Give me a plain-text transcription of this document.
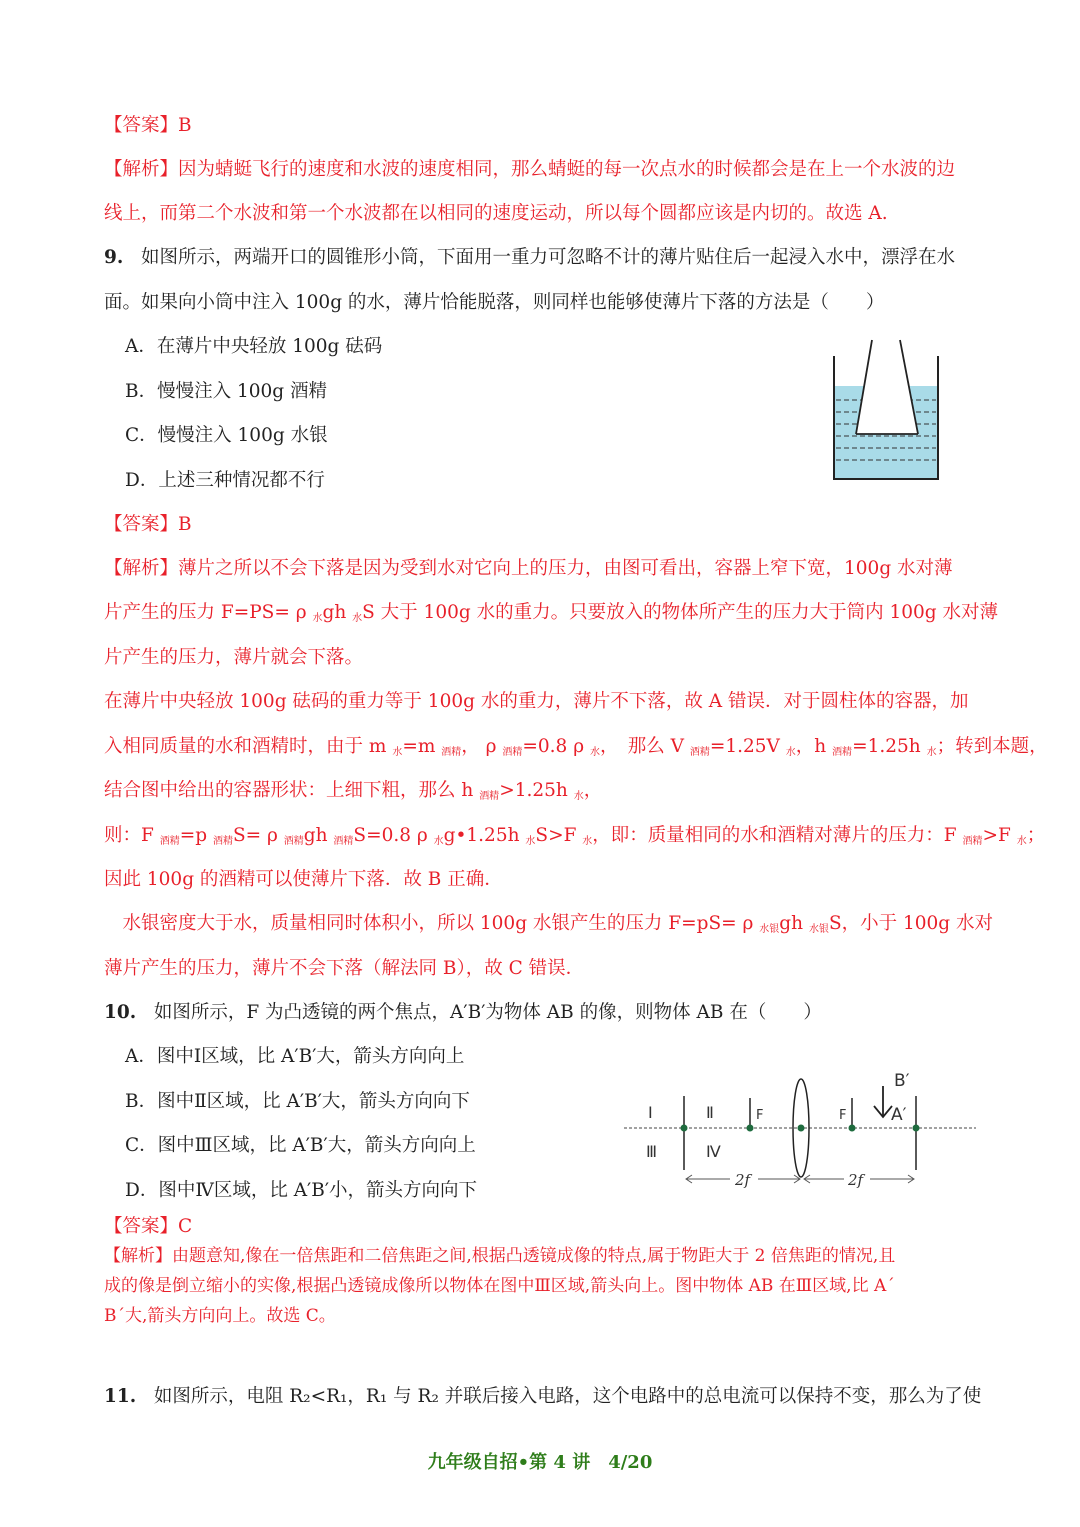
【答案】B
【解析】因为蜻蜓飞行的速度和水波的速度相同，那么蜻蜓的每一次点水的时候都会是在上一个水波的边
线上，而第二个水波和第一个水波都在以相同的速度运动，所以每个圆都应该是内切的。故选 A.
9. 如图所示，两端开口的圆锥形小筒，下面用一重力可忽略不计的薄片贴住后一起浸入水中，漂浮在水
面。如果向小筒中注入 100g 的水，薄片恰能脱落，则同样也能够使薄片下落的方法是（　　）
A．在薄片中央轻放 100g 砝码
B．慢慢注入 100g 酒精
C．慢慢注入 100g 水银
D．上述三种情况都不行
【答案】B
【解析】薄片之所以不会下落是因为受到水对它向上的压力，由图可看出，容器上窄下宽，100g 水对薄
片产生的压力 F=PS= ρ $_水$gh $_水$S 大于 100g 水的重力。只要放入的物体所产生的压力大于筒内 100g 水对薄
片产生的压力，薄片就会下落。
在薄片中央轻放 100g 砝码的重力等于 100g 水的重力，薄片不下落，故 A 错误．对于圆柱体的容器，加
入相同质量的水和酒精时，由于 m $_水$=m $_{酒精}$， ρ $_{酒精}$=0.8 ρ $_水$，　那么 V $_{酒精}$=1.25V $_水$，h $_{酒精}$=1.25h $_水$；转到本题，
结合图中给出的容器形状：上细下粗，那么 h $_{酒精}$>1.25h $_水$，
则：F $_{酒精}$=p $_{酒精}$S= ρ $_{酒精}$gh $_{酒精}$S=0.8 ρ $_水$g•1.25h $_水$S>F $_水$，即：质量相同的水和酒精对薄片的压力：F $_{酒精}$>F $_水$；
因此 100g 的酒精可以使薄片下落．故 B 正确．
　水银密度大于水，质量相同时体积小，所以 100g 水银产生的压力 F=pS= ρ $_{水银}$gh $_{水银}$S，小于 100g 水对
薄片产生的压力，薄片不会下落（解法同 B），故 C 错误．
10. 如图所示，F 为凸透镜的两个焦点，A′B′为物体 AB 的像，则物体 AB 在（　　）
A．图中Ⅰ区域，比 A′B′大，箭头方向向上
B．图中Ⅱ区域，比 A′B′大，箭头方向向下
C．图中Ⅲ区域，比 A′B′大，箭头方向向上
D．图中Ⅳ区域，比 A′B′小，箭头方向向下
Ⅰ	Ⅱ
Ⅲ	Ⅳ
F	F
B′
A′
2f	2f
【答案】C
【解析】由题意知,像在一倍焦距和二倍焦距之间,根据凸透镜成像的特点,属于物距大于 2 倍焦距的情况,且
成的像是倒立缩小的实像,根据凸透镜成像所以物体在图中Ⅲ区域,箭头向上。图中物体 AB 在Ⅲ区域,比 A´
B´大,箭头方向向上。故选 C。
11. 如图所示，电阻 R₂<R₁，R₁ 与 R₂ 并联后接入电路，这个电路中的总电流可以保持不变，那么为了使
九年级自招•第 4 讲　4/20
